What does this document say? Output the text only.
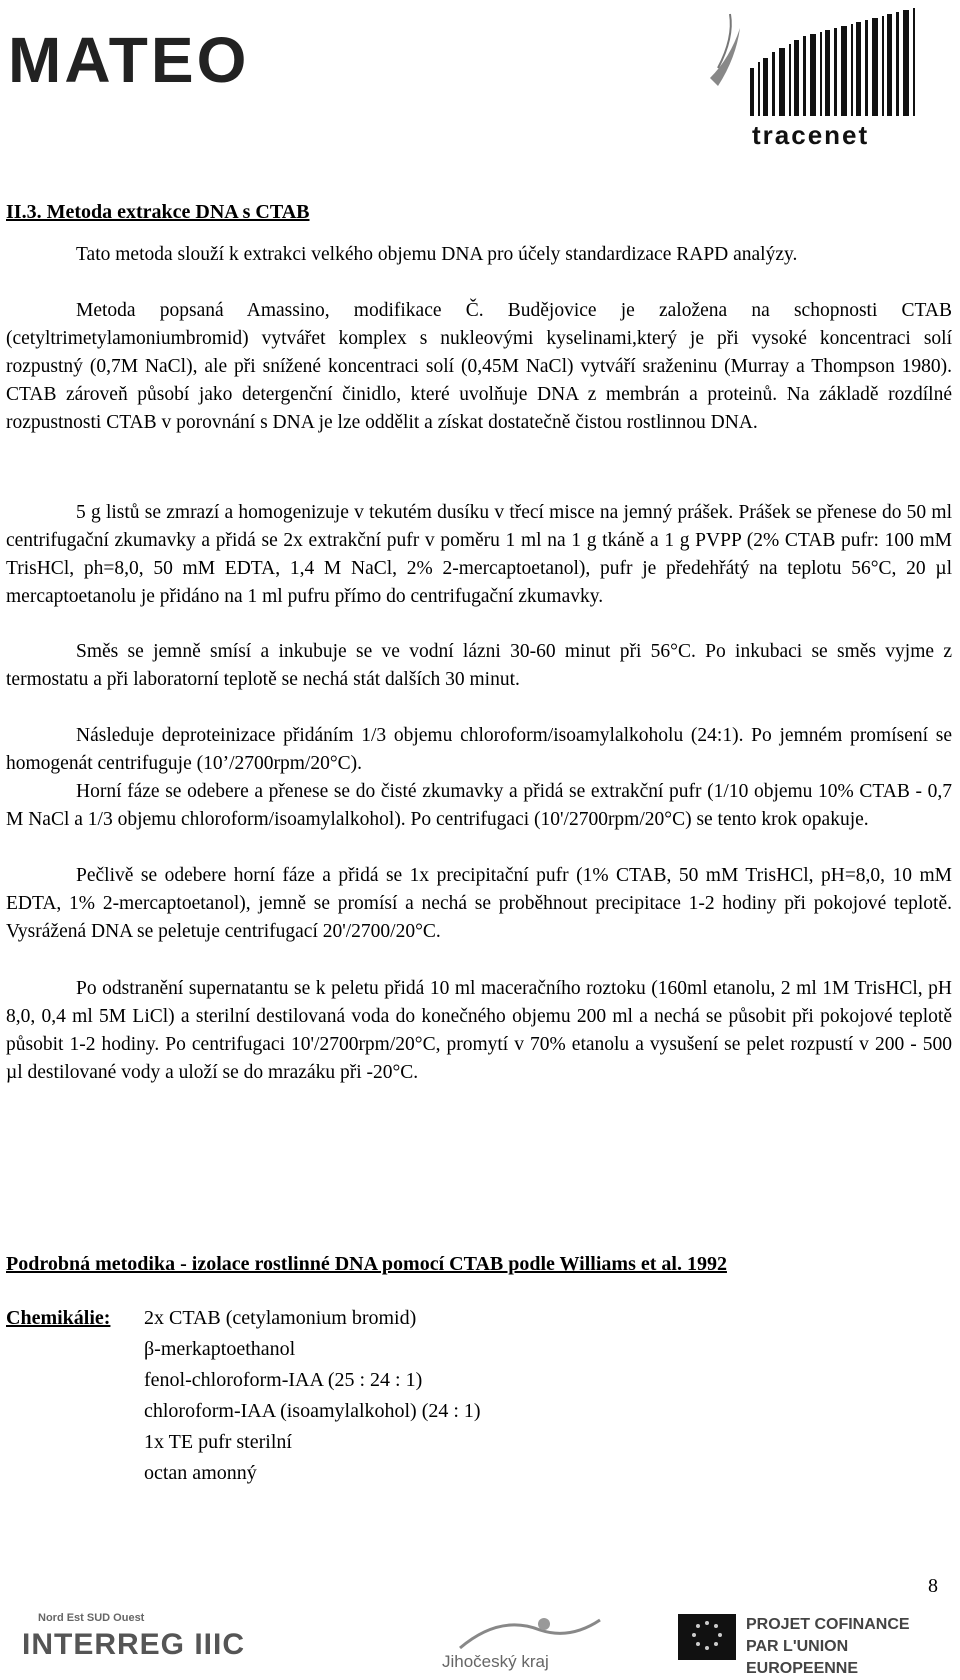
MATEO
tracenet
II.3. Metoda extrakce DNA s CTAB

Tato metoda slouží k extrakci velkého objemu DNA pro účely standardizace RAPD analýzy.

Metoda popsaná Amassino, modifikace Č. Budějovice je založena na schopnosti CTAB (cetyltrimetylamoniumbromid) vytvářet komplex s nukleovými kyselinami,který je při vysoké koncentraci solí rozpustný (0,7M NaCl), ale při snížené koncentraci solí (0,45M NaCl) vytváří sraženinu (Murray a Thompson 1980). CTAB zároveň působí jako detergenční činidlo, které uvolňuje DNA z membrán a proteinů. Na základě rozdílné rozpustnosti CTAB v porovnání s DNA je lze oddělit a získat dostatečně čistou rostlinnou DNA.

5 g listů se zmrazí a homogenizuje v tekutém dusíku v třecí misce na jemný prášek. Prášek se přenese do 50 ml centrifugační zkumavky a přidá se 2x extrakční pufr v poměru 1 ml na 1 g tkáně a 1 g PVPP (2% CTAB pufr: 100 mM TrisHCl, ph=8,0, 50 mM EDTA, 1,4 M NaCl, 2% 2-mercaptoetanol), pufr je předehřátý na teplotu 56°C, 20 µl mercaptoetanolu je přidáno na 1 ml pufru přímo do centrifugační zkumavky.

Směs se jemně smísí a inkubuje se ve vodní lázni 30-60 minut při 56°C. Po inkubaci se směs vyjme z termostatu a při laboratorní teplotě se nechá stát dalších 30 minut.

Následuje deproteinizace přidáním 1/3 objemu chloroform/isoamylalkoholu (24:1). Po jemném promísení se homogenát centrifuguje (10’/2700rpm/20°C).

Horní fáze se odebere a přenese se do čisté zkumavky a přidá se extrakční pufr (1/10 objemu 10% CTAB - 0,7 M NaCl a 1/3 objemu chloroform/isoamylalkohol). Po centrifugaci (10'/2700rpm/20°C) se tento krok opakuje.

Pečlivě se odebere horní fáze a přidá se 1x precipitační pufr (1% CTAB, 50 mM TrisHCl, pH=8,0, 10 mM EDTA, 1% 2-mercaptoetanol), jemně se promísí a nechá se proběhnout precipitace 1-2 hodiny při pokojové teplotě. Vysrážená DNA se peletuje centrifugací 20'/2700/20°C.

Po odstranění supernatantu se k peletu přidá 10 ml maceračního roztoku (160ml etanolu, 2 ml 1M TrisHCl, pH 8,0, 0,4 ml 5M LiCl) a sterilní destilovaná voda do konečného objemu 200 ml a nechá se působit při pokojové teplotě působit 1-2 hodiny. Po centrifugaci 10'/2700rpm/20°C, promytí v 70% etanolu a vysušení se pelet rozpustí v 200 - 500 µl destilované vody a uloží se do mrazáku při -20°C.

Podrobná metodika - izolace rostlinné DNA pomocí CTAB podle Williams et al. 1992
Chemikálie: 2x CTAB (cetylamonium bromid)
β-merkaptoethanol
fenol-chloroform-IAA (25 : 24 : 1)
chloroform-IAA (isoamylalkohol) (24 : 1)
1x TE pufr sterilní
octan amonný
8
Nord Est SUD Ouest
INTERREG IIIC
Jihočeský kraj
PROJET COFINANCE
PAR L'UNION EUROPEENNE
